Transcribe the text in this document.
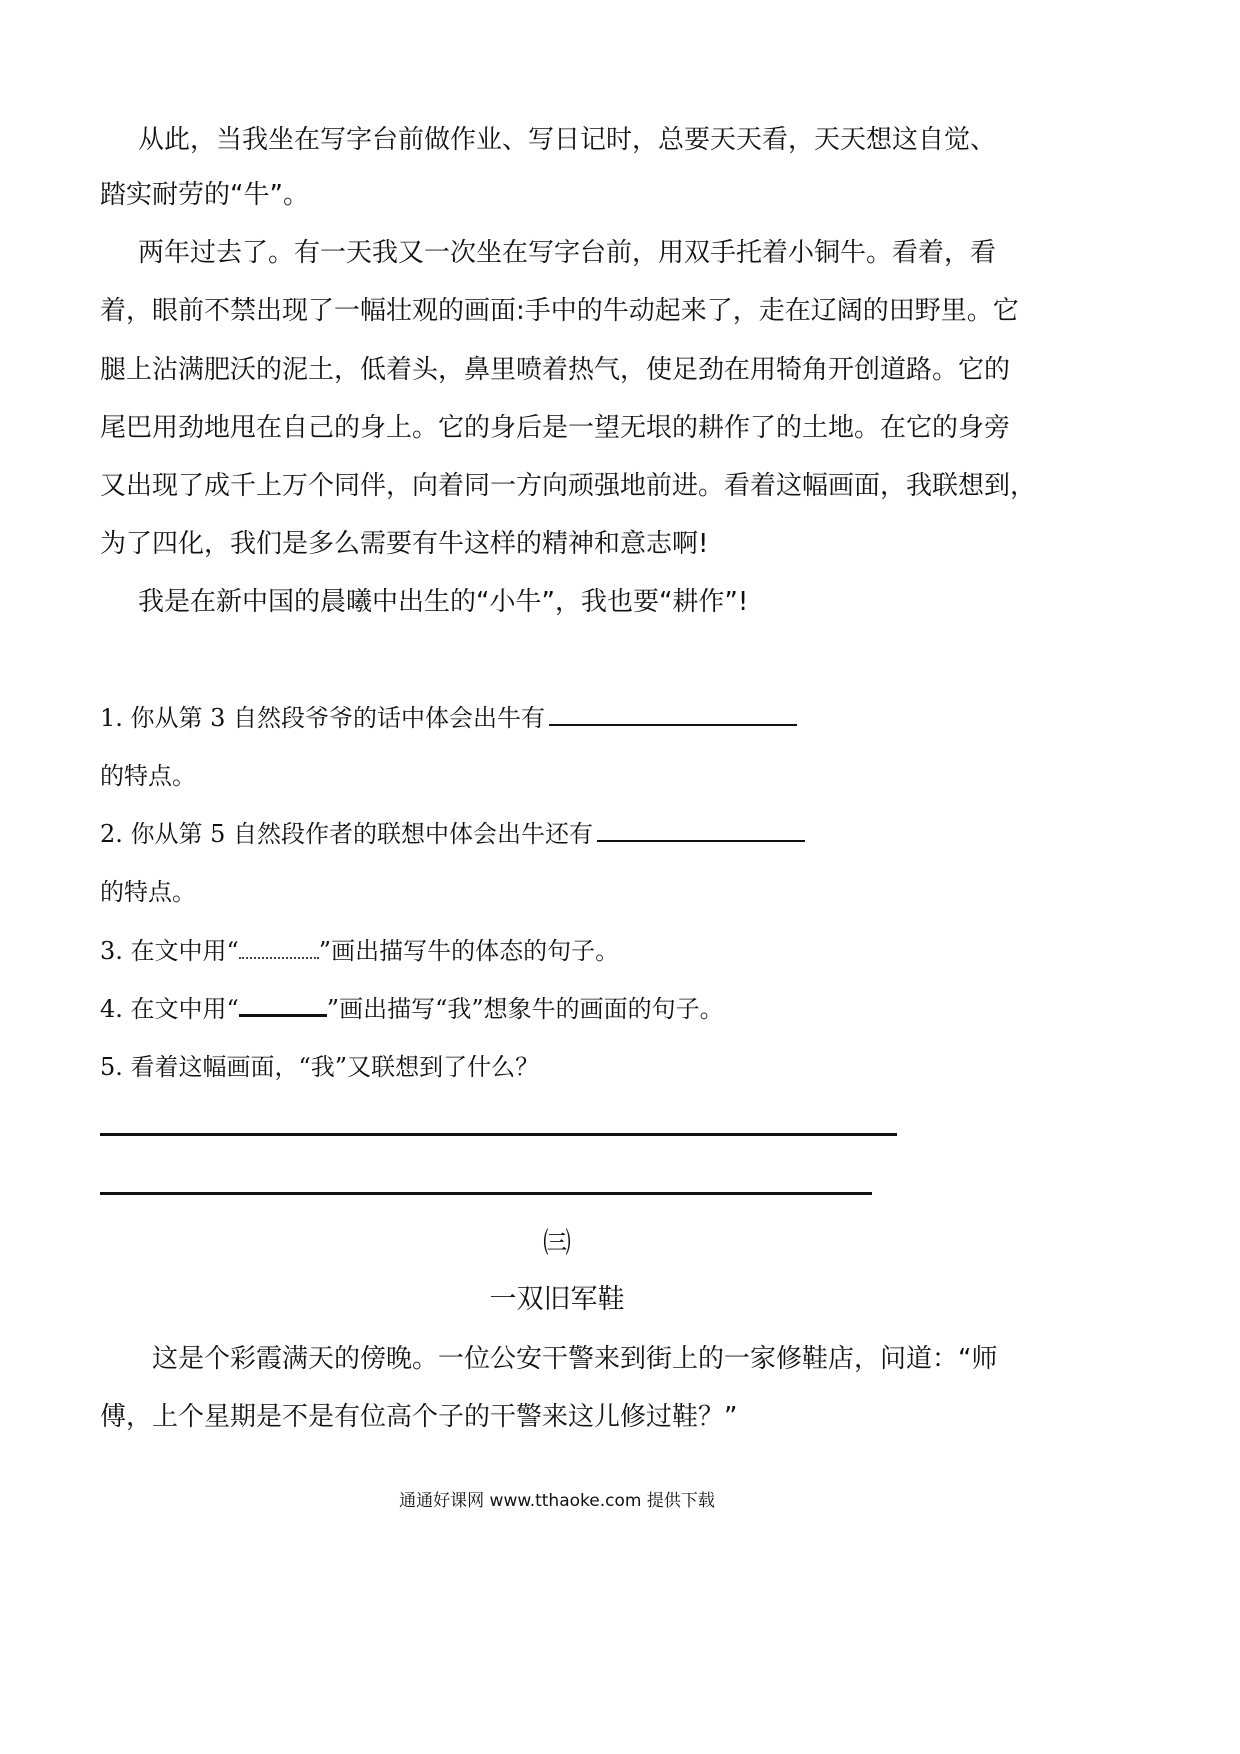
从此，当我坐在写字台前做作业、写日记时，总要天天看，天天想这自觉、
踏实耐劳的“牛”。
两年过去了。有一天我又一次坐在写字台前，用双手托着小铜牛。看着，看
着，眼前不禁出现了一幅壮观的画面:手中的牛动起来了，走在辽阔的田野里。它
腿上沾满肥沃的泥土，低着头，鼻里喷着热气，使足劲在用犄角开创道路。它的
尾巴用劲地甩在自己的身上。它的身后是一望无垠的耕作了的土地。在它的身旁
又出现了成千上万个同伴，向着同一方向顽强地前进。看着这幅画面，我联想到，
为了四化，我们是多么需要有牛这样的精神和意志啊!
我是在新中国的晨曦中出生的“小牛”，我也要“耕作”!
1. 你从第 3 自然段爷爷的话中体会出牛有
的特点。
2. 你从第 5 自然段作者的联想中体会出牛还有
的特点。
3. 在文中用“	”画出描写牛的体态的句子。
4. 在文中用“	”画出描写“我”想象牛的画面的句子。
5. 看着这幅画面，“我”又联想到了什么？
㈢
一双旧军鞋
这是个彩霞满天的傍晚。一位公安干警来到街上的一家修鞋店，问道：“师
傅，上个星期是不是有位高个子的干警来这儿修过鞋？”
通通好课网 www.tthaoke.com 提供下载
